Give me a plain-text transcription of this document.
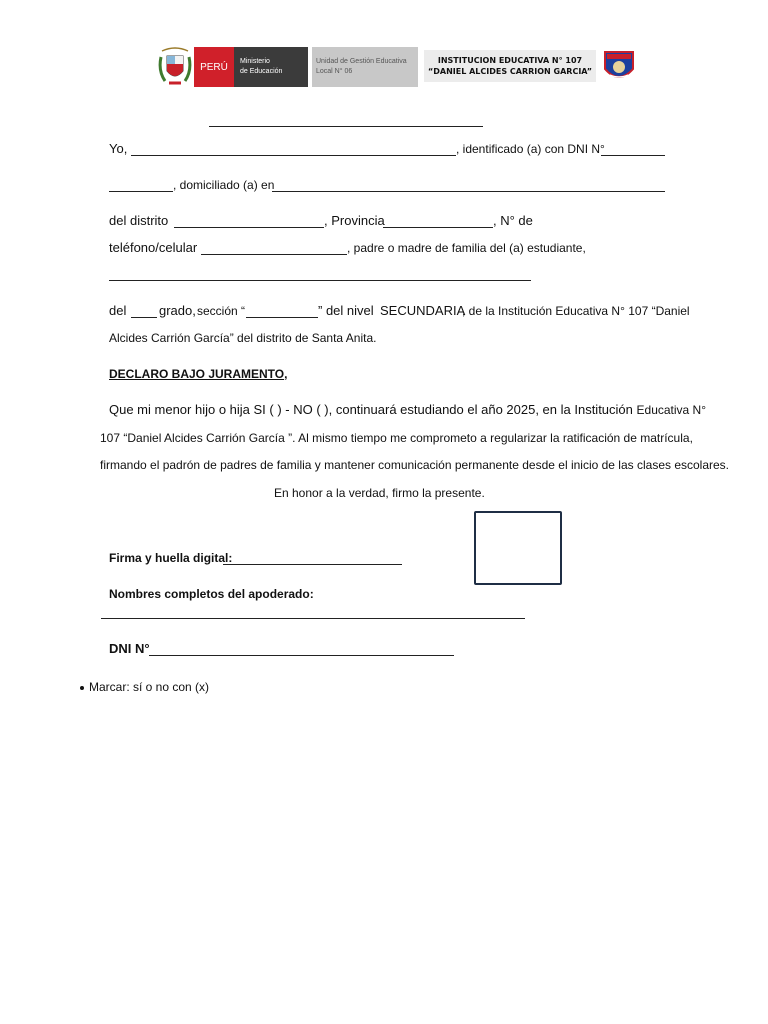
PERÚ	Ministerio
de Educación
Unidad de Gestión Educativa
Local N° 06
INSTITUCION EDUCATIVA N° 107
“DANIEL ALCIDES CARRION GARCIA”
Yo,	, identificado (a) con DNI N°
, domiciliado (a) en
del distrito	, Provincia	, N° de
teléfono/celular	, padre o madre de familia del (a) estudiante,
del	grado, sección “	” del nivel SECUNDARIA
, de la Institución Educativa N° 107 “Daniel
Alcides Carrión García” del distrito de Santa Anita.
DECLARO BAJO JURAMENTO,
Que mi menor hijo o hija SI ( ) - NO ( ), continuará estudiando el año 2025, en la Institución Educativa N°
107 “Daniel Alcides Carrión García ”. Al mismo tiempo me comprometo a regularizar la ratificación de matrícula,
firmando el padrón de padres de familia y mantener comunicación permanente desde el inicio de las clases escolares.
En honor a la verdad, firmo la presente.
Firma y huella digital:
Nombres completos del apoderado:
DNI N°
Marcar: sí o no con (x)
